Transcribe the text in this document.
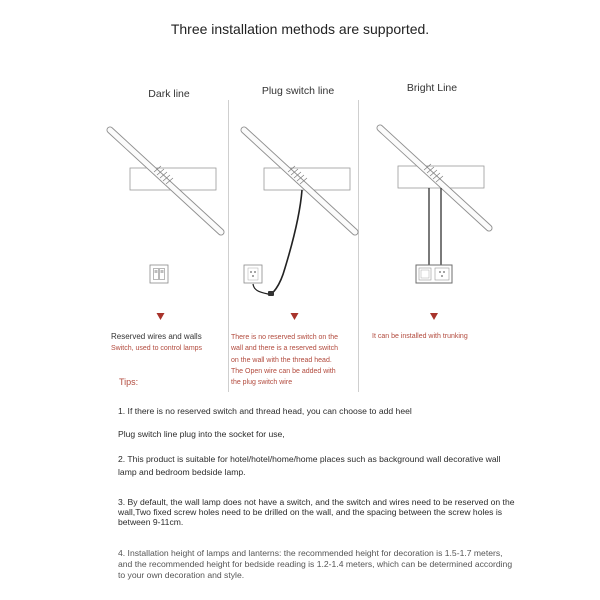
Three installation methods are supported.
Dark line	Plug switch line	Bright Line
Reserved wires and walls
Switch, used to control lamps
There is no reserved switch on the
wall and there is a reserved switch
on the wall with the thread head.
The Open wire can be added with
the plug switch wire
It can be installed with trunking
Tips:
1. If there is no reserved switch and thread head, you can choose to add heel
Plug switch line plug into the socket for use,
2. This product is suitable for hotel/hotel/home/home places such as background wall decorative wall lamp and bedroom bedside lamp.
3. By default, the wall lamp does not have a switch, and the switch and wires need to be reserved on the wall,Two fixed screw holes need to be drilled on the wall, and the spacing between the screw holes is between 9-11cm.
4. Installation height of lamps and lanterns: the recommended height for decoration is 1.5-1.7 meters, and the recommended height for bedside reading is 1.2-1.4 meters, which can be determined according to your own decoration and style.
